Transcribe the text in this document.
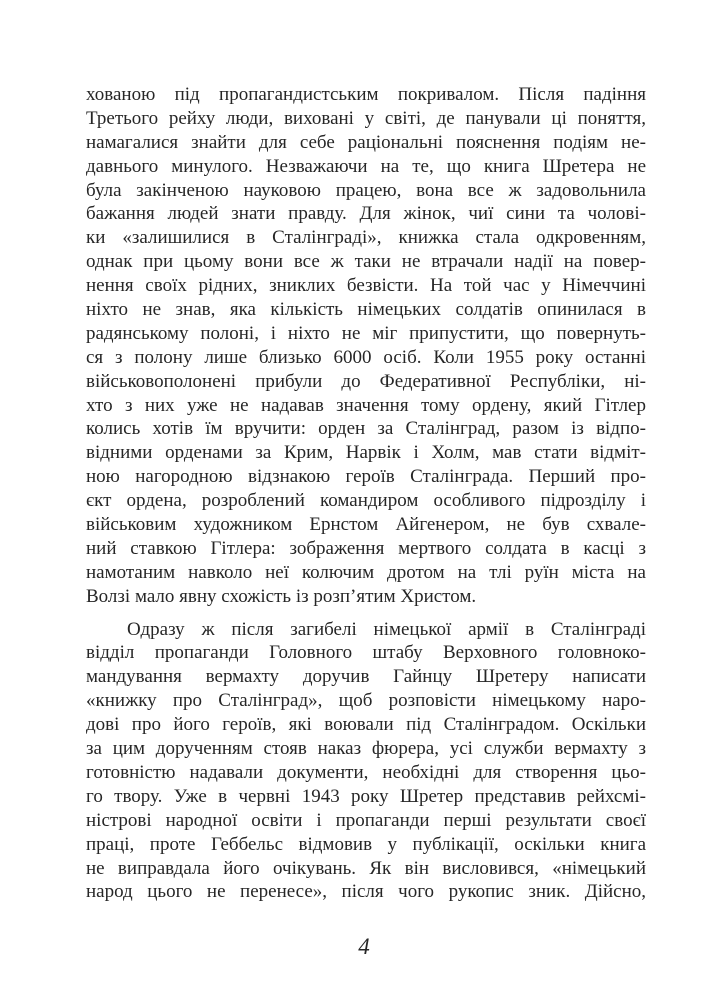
хованою під пропагандистським покривалом. Після падіння
Третього рейху люди, виховані у світі, де панували ці поняття,
намагалися знайти для себе раціональні пояснення подіям не-
давнього минулого. Незважаючи на те, що книга Шретера не
була закінченою науковою працею, вона все ж задовольнила
бажання людей знати правду. Для жінок, чиї сини та чолові-
ки «залишилися в Сталінграді», книжка стала одкровенням,
однак при цьому вони все ж таки не втрачали надії на повер-
нення своїх рідних, зниклих безвісти. На той час у Німеччині
ніхто не знав, яка кількість німецьких солдатів опинилася в
радянському полоні, і ніхто не міг припустити, що повернуть-
ся з полону лише близько 6000 осіб. Коли 1955 року останні
військовополонені прибули до Федеративної Республіки, ні-
хто з них уже не надавав значення тому ордену, який Гітлер
колись хотів їм вручити: орден за Сталінград, разом із відпо-
відними орденами за Крим, Нарвік і Холм, мав стати відміт-
ною нагородною відзнакою героїв Сталінграда. Перший про-
єкт ордена, розроблений командиром особливого підрозділу і
військовим художником Ернстом Айгенером, не був схвале-
ний ставкою Гітлера: зображення мертвого солдата в касці з
намотаним навколо неї колючим дротом на тлі руїн міста на
Волзі мало явну схожість із розп’ятим Христом.
Одразу ж після загибелі німецької армії в Сталінграді
відділ пропаганди Головного штабу Верховного головноко-
мандування вермахту доручив Гайнцу Шретеру написати
«книжку про Сталінград», щоб розповісти німецькому наро-
дові про його героїв, які воювали під Сталінградом. Оскільки
за цим дорученням стояв наказ фюрера, усі служби вермахту з
готовністю надавали документи, необхідні для створення цьо-
го твору. Уже в червні 1943 року Шретер представив рейхсмі-
ністрові народної освіти і пропаганди перші результати своєї
праці, проте Геббельс відмовив у публікації, оскільки книга
не виправдала його очікувань. Як він висловився, «німецький
народ цього не перенесе», після чого рукопис зник. Дійсно,
4
